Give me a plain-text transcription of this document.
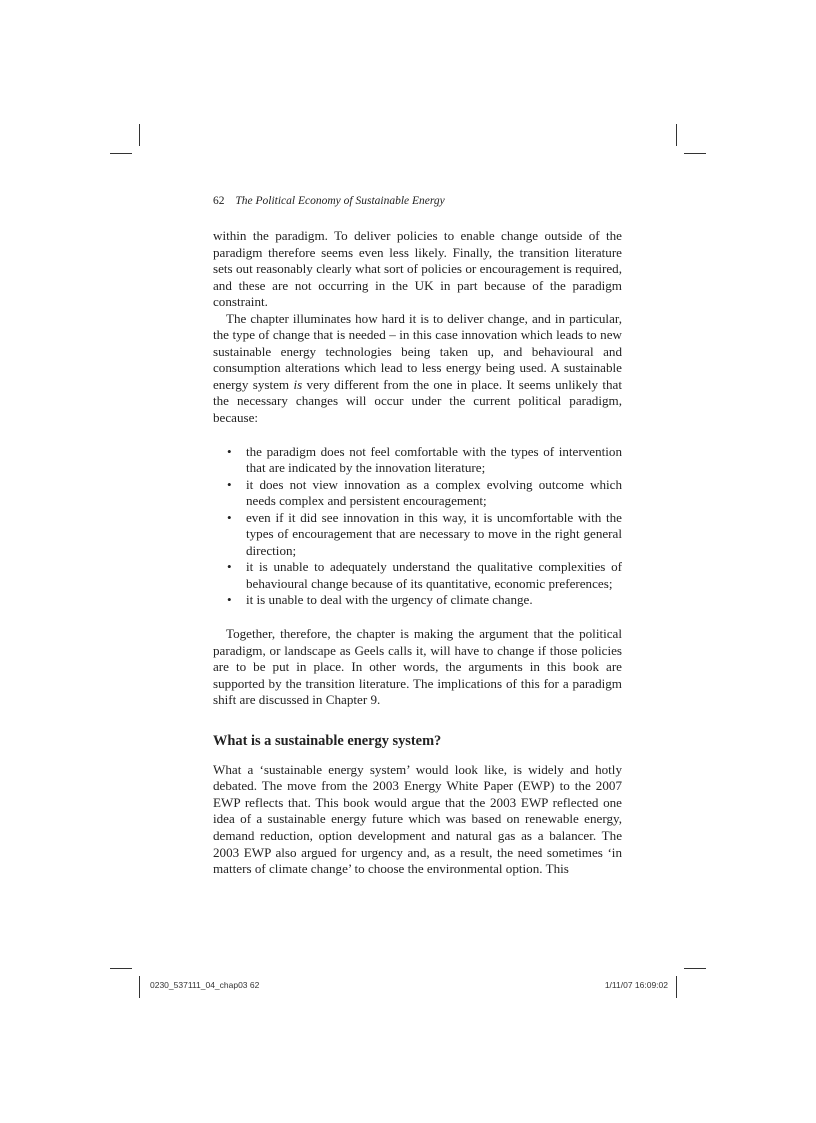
62 The Political Economy of Sustainable Energy

within the paradigm. To deliver policies to enable change outside of the paradigm therefore seems even less likely. Finally, the transition literature sets out reasonably clearly what sort of policies or encouragement is required, and these are not occurring in the UK in part because of the paradigm constraint.

The chapter illuminates how hard it is to deliver change, and in particular, the type of change that is needed – in this case innovation which leads to new sustainable energy technologies being taken up, and behavioural and consumption alterations which lead to less energy being used. A sustainable energy system is very different from the one in place. It seems unlikely that the necessary changes will occur under the current political paradigm, because:

• the paradigm does not feel comfortable with the types of intervention that are indicated by the innovation literature;
• it does not view innovation as a complex evolving outcome which needs complex and persistent encouragement;
• even if it did see innovation in this way, it is uncomfortable with the types of encouragement that are necessary to move in the right general direction;
• it is unable to adequately understand the qualitative complexities of behavioural change because of its quantitative, economic preferences;
• it is unable to deal with the urgency of climate change.

Together, therefore, the chapter is making the argument that the political paradigm, or landscape as Geels calls it, will have to change if those policies are to be put in place. In other words, the arguments in this book are supported by the transition literature. The implications of this for a paradigm shift are discussed in Chapter 9.

What is a sustainable energy system?

What a ‘sustainable energy system’ would look like, is widely and hotly debated. The move from the 2003 Energy White Paper (EWP) to the 2007 EWP reflects that. This book would argue that the 2003 EWP reflected one idea of a sustainable energy future which was based on renewable energy, demand reduction, option development and natural gas as a balancer. The 2003 EWP also argued for urgency and, as a result, the need sometimes ‘in matters of climate change’ to choose the environmental option. This

0230_537111_04_chap03 62	1/11/07 16:09:02
